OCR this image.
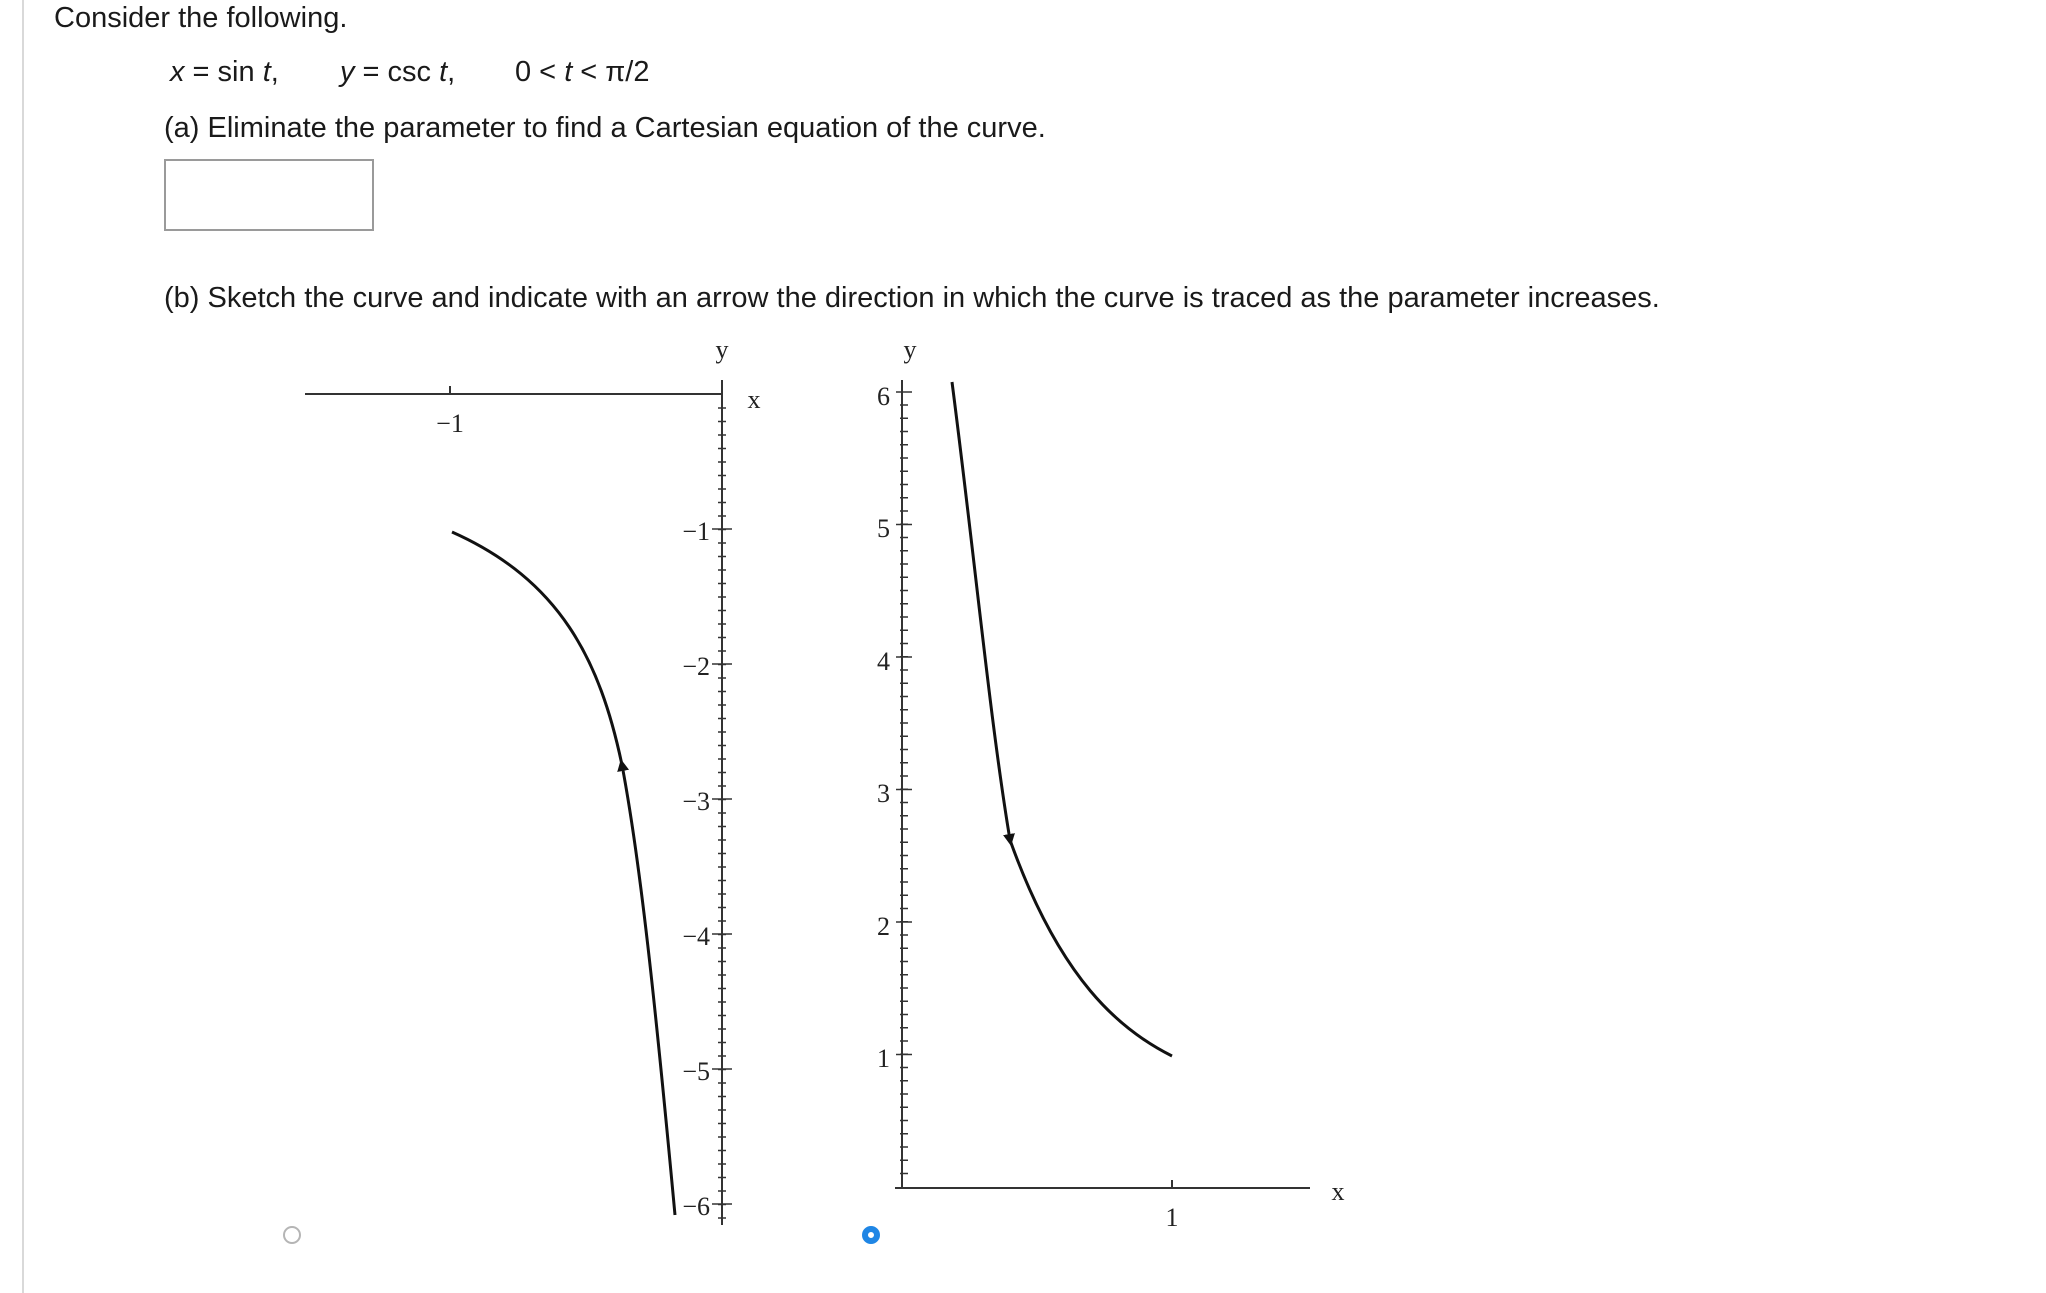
Consider the following.
x = sin t, y = csc t, 0 < t < π/2
(a) Eliminate the parameter to find a Cartesian equation of the curve.
(b) Sketch the curve and indicate with an arrow the direction in which the curve is traced as the parameter increases.
y
x
−1
−1
−2
−3
−4
−5
−6
y
x
1
6
5
4
3
2
1
